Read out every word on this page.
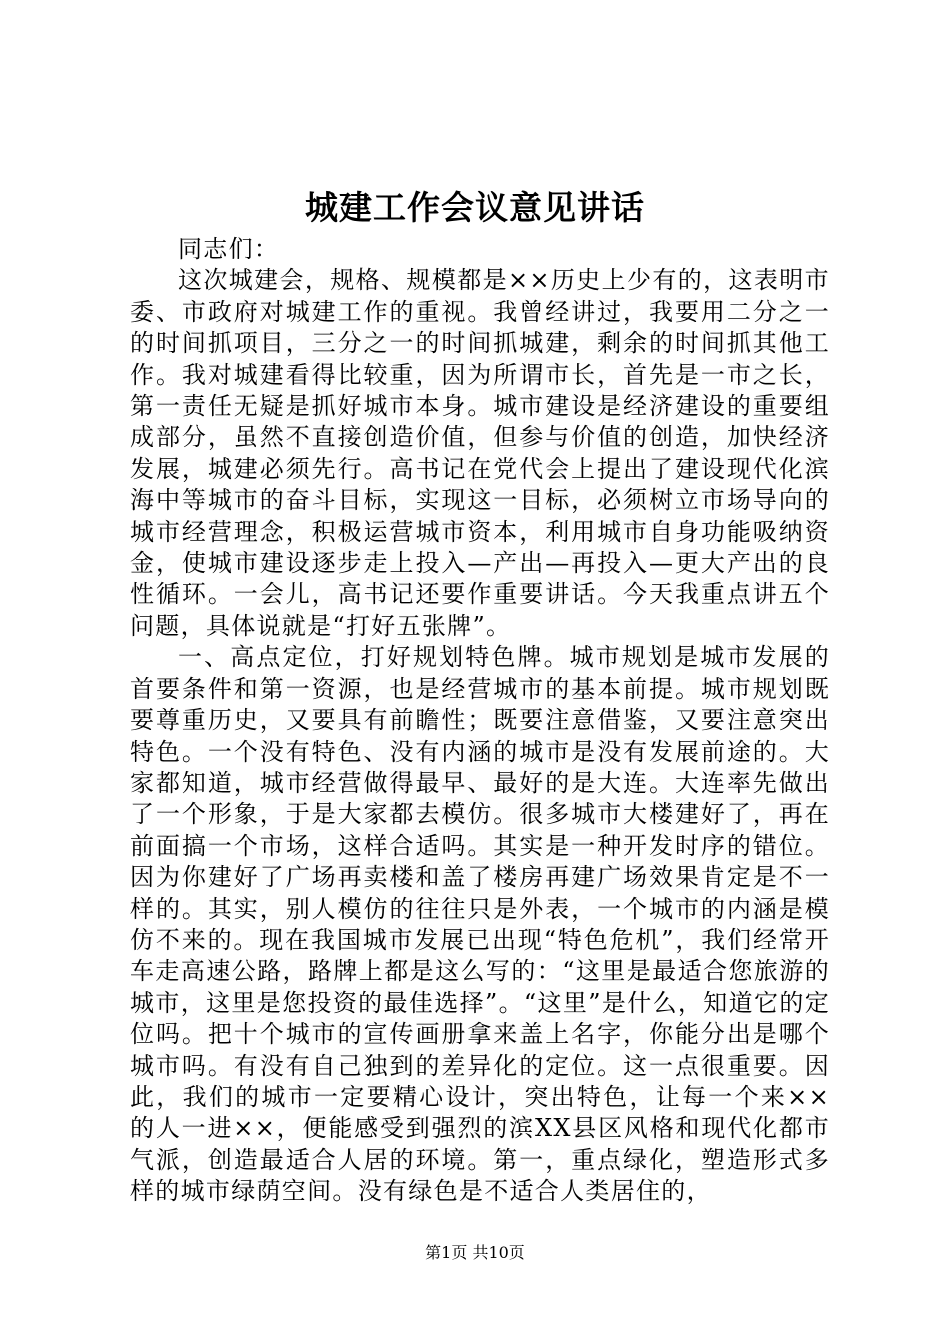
城建工作会议意见讲话

同志们：

这次城建会，规格、规模都是××历史上少有的，这表明市委、市政府对城建工作的重视。我曾经讲过，我要用二分之一的时间抓项目，三分之一的时间抓城建，剩余的时间抓其他工作。我对城建看得比较重，因为所谓市长，首先是一市之长，第一责任无疑是抓好城市本身。城市建设是经济建设的重要组成部分，虽然不直接创造价值，但参与价值的创造，加快经济发展，城建必须先行。高书记在党代会上提出了建设现代化滨海中等城市的奋斗目标，实现这一目标，必须树立市场导向的城市经营理念，积极运营城市资本，利用城市自身功能吸纳资金，使城市建设逐步走上投入—产出—再投入—更大产出的良性循环。一会儿，高书记还要作重要讲话。今天我重点讲五个问题，具体说就是“打好五张牌”。

一、高点定位，打好规划特色牌。城市规划是城市发展的首要条件和第一资源，也是经营城市的基本前提。城市规划既要尊重历史，又要具有前瞻性；既要注意借鉴，又要注意突出特色。一个没有特色、没有内涵的城市是没有发展前途的。大家都知道，城市经营做得最早、最好的是大连。大连率先做出了一个形象，于是大家都去模仿。很多城市大楼建好了，再在前面搞一个市场，这样合适吗。其实是一种开发时序的错位。因为你建好了广场再卖楼和盖了楼房再建广场效果肯定是不一样的。其实，别人模仿的往往只是外表，一个城市的内涵是模仿不来的。现在我国城市发展已出现“特色危机”，我们经常开车走高速公路，路牌上都是这么写的：“这里是最适合您旅游的城市，这里是您投资的最佳选择”。“这里”是什么，知道它的定位吗。把十个城市的宣传画册拿来盖上名字，你能分出是哪个城市吗。有没有自己独到的差异化的定位。这一点很重要。因此，我们的城市一定要精心设计，突出特色，让每一个来××的人一进××，便能感受到强烈的滨XX县区风格和现代化都市气派，创造最适合人居的环境。第一，重点绿化，塑造形式多样的城市绿荫空间。没有绿色是不适合人类居住的，

第1页 共10页
